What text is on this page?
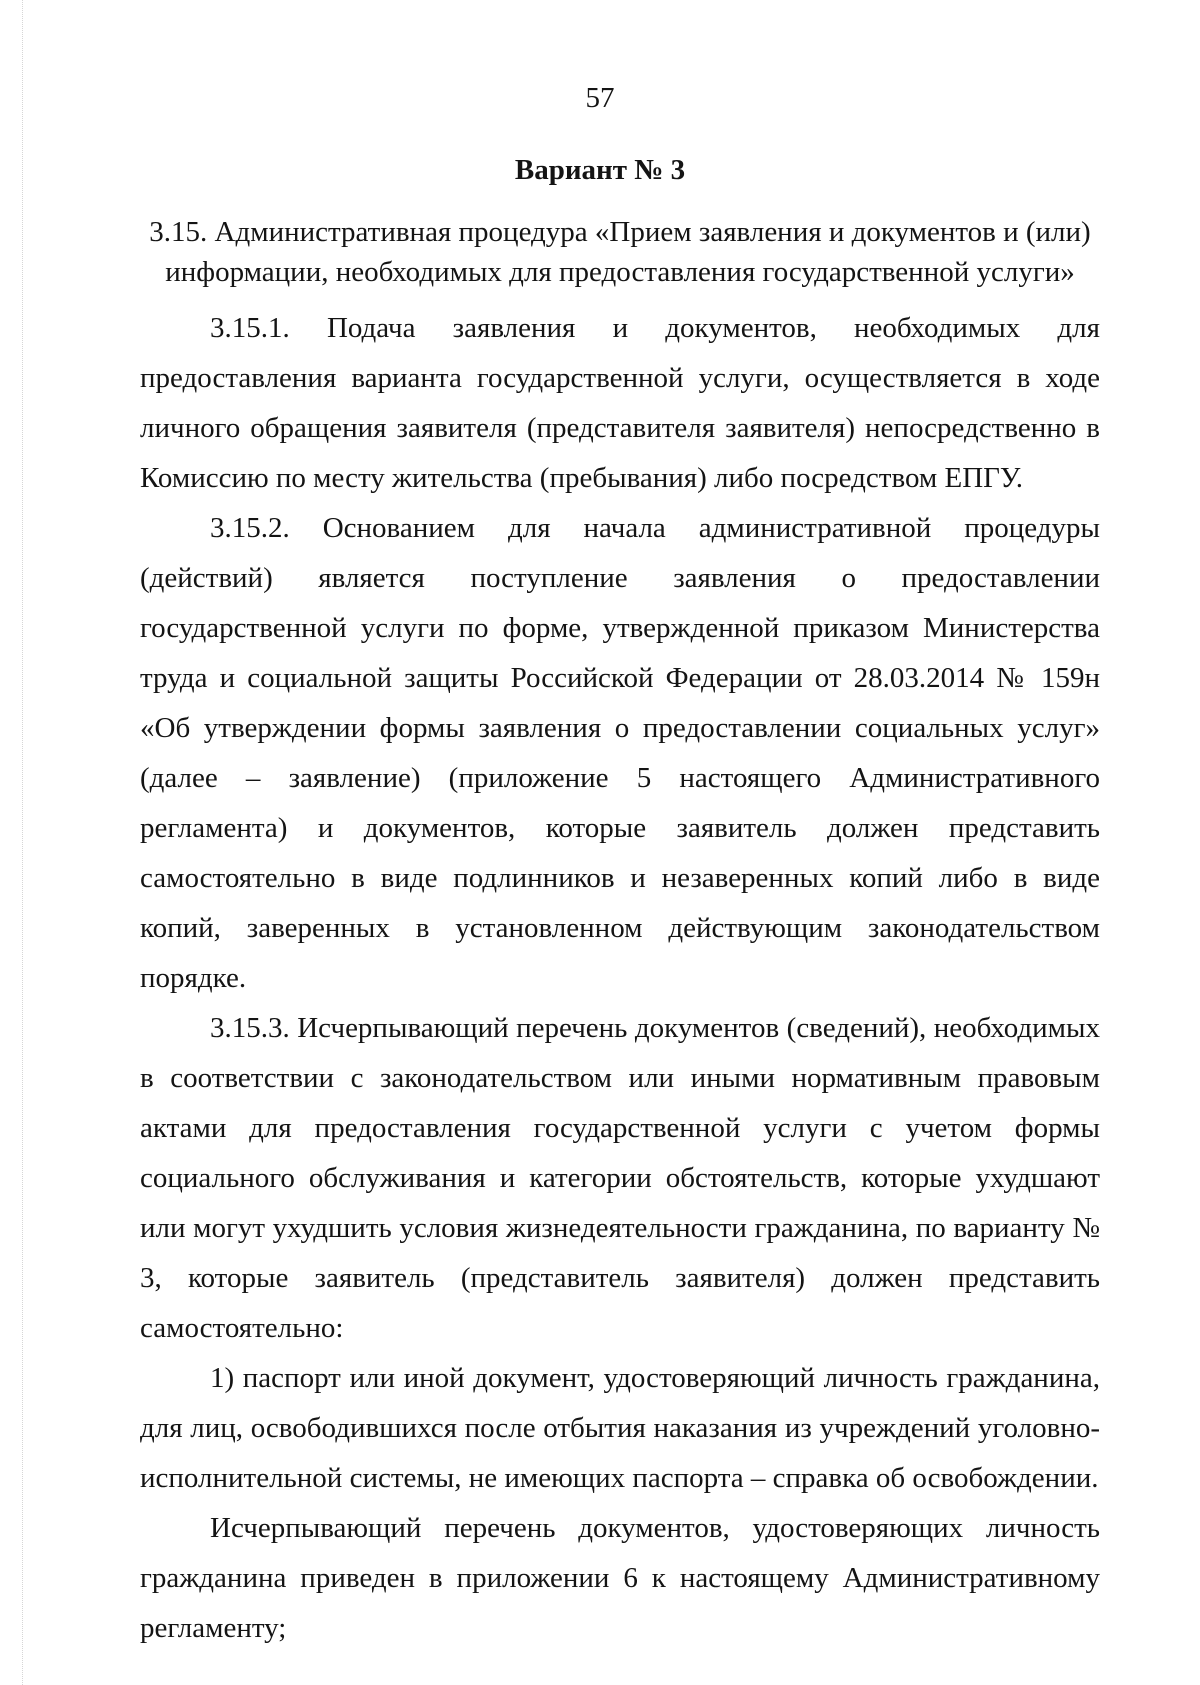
57
Вариант № 3
3.15. Административная процедура «Прием заявления и документов и (или) информации, необходимых для предоставления государственной услуги»

3.15.1. Подача заявления и документов, необходимых для предоставления варианта государственной услуги, осуществляется в ходе личного обращения заявителя (представителя заявителя) непосредственно в Комиссию по месту жительства (пребывания) либо посредством ЕПГУ.

3.15.2. Основанием для начала административной процедуры (действий) является поступление заявления о предоставлении государственной услуги по форме, утвержденной приказом Министерства труда и социальной защиты Российской Федерации от 28.03.2014 № 159н «Об утверждении формы заявления о предоставлении социальных услуг» (далее – заявление) (приложение 5 настоящего Административного регламента) и документов, которые заявитель должен представить самостоятельно в виде подлинников и незаверенных копий либо в виде копий, заверенных в установленном действующим законодательством порядке.

3.15.3. Исчерпывающий перечень документов (сведений), необходимых в соответствии с законодательством или иными нормативным правовым актами для предоставления государственной услуги с учетом формы социального обслуживания и категории обстоятельств, которые ухудшают или могут ухудшить условия жизнедеятельности гражданина, по варианту № 3, которые заявитель (представитель заявителя) должен представить самостоятельно:

1) паспорт или иной документ, удостоверяющий личность гражданина, для лиц, освободившихся после отбытия наказания из учреждений уголовно-исполнительной системы, не имеющих паспорта – справка об освобождении.

Исчерпывающий перечень документов, удостоверяющих личность гражданина приведен в приложении 6 к настоящему Административному регламенту;
